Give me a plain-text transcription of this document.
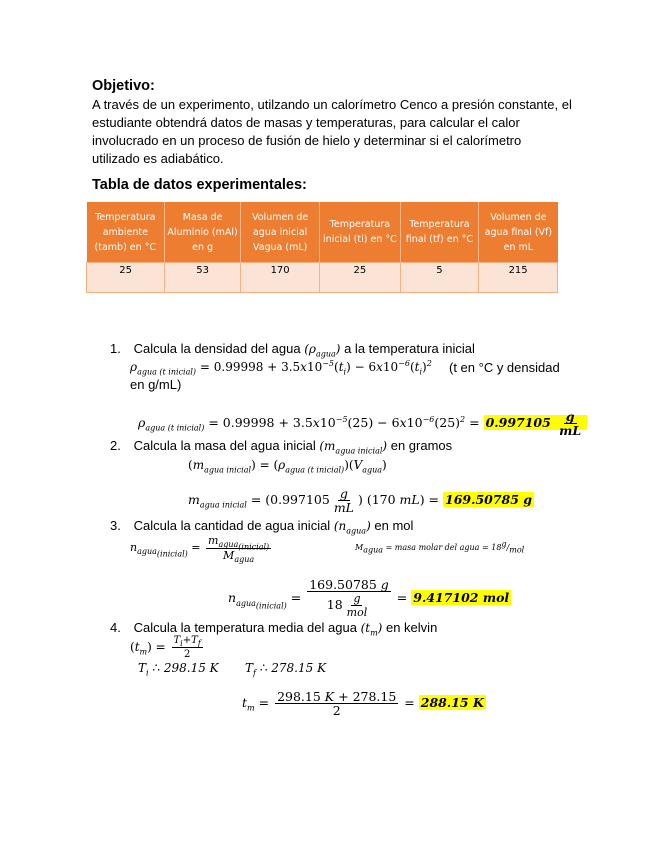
Objetivo:
A través de un experimento, utilzando un calorímetro Cenco a presión constante, el estudiante obtendrá datos de masas y temperaturas, para calcular el calor involucrado en un proceso de fusión de hielo y determinar si el calorímetro utilizado es adiabático.
Tabla de datos experimentales:
Temperatura ambiente (tamb) en °C	Masa de Aluminio (mAl) en g	Volumen de agua inicial Vagua (mL)	Temperatura inicial (ti) en °C	Temperatura final (tf) en °C	Volumen de agua final (Vf) en mL
25	53	170	25	5	215
1. Calcula la densidad del agua $(\rho_{agua})$ a la temperatura inicial
$\rho_{agua (t inicial)} = 0.99998 + 3.5x10^{-5}(t_i) - 6x10^{-6}(t_i)^2$ (t en °C y densidad
en g/mL)
$\rho_{agua (t inicial)} = 0.99998 + 3.5x10^{-5}(25) - 6x10^{-6}(25)^2 = 0.997105 \frac{g}{mL}$
2. Calcula la masa del agua inicial $(m_{agua inicial})$ en gramos
$(m_{agua inicial}) = (\rho_{agua (t inicial)})(V_{agua})$
$m_{agua inicial} = (0.997105 \frac{g}{mL}$ ) (170 mL) = 169.50785 g
3. Calcula la cantidad de agua inicial $(n_{agua})$ en mol
$n_{agua_{(inicial)}} = \frac{m_{agua_{(inicial)}}}{M_{agua}}$	$M_{agua}$ = masa molar del agua = $18^g/_{mol}$
$n_{agua_{(inicial)}} = \frac{169.50785 g}{18 \frac{g}{\text{mol}}} = 9.417102$ mol
4. Calcula la temperatura media del agua $(t_m)$ en kelvin
$(t_m) = \frac{T_i+T_f}{2}$
$T_i$ ∴ 298.15 K $T_f$ ∴ 278.15 K
$t_m = \frac{298.15 K + 278.15}{2} = 288.15$ K
